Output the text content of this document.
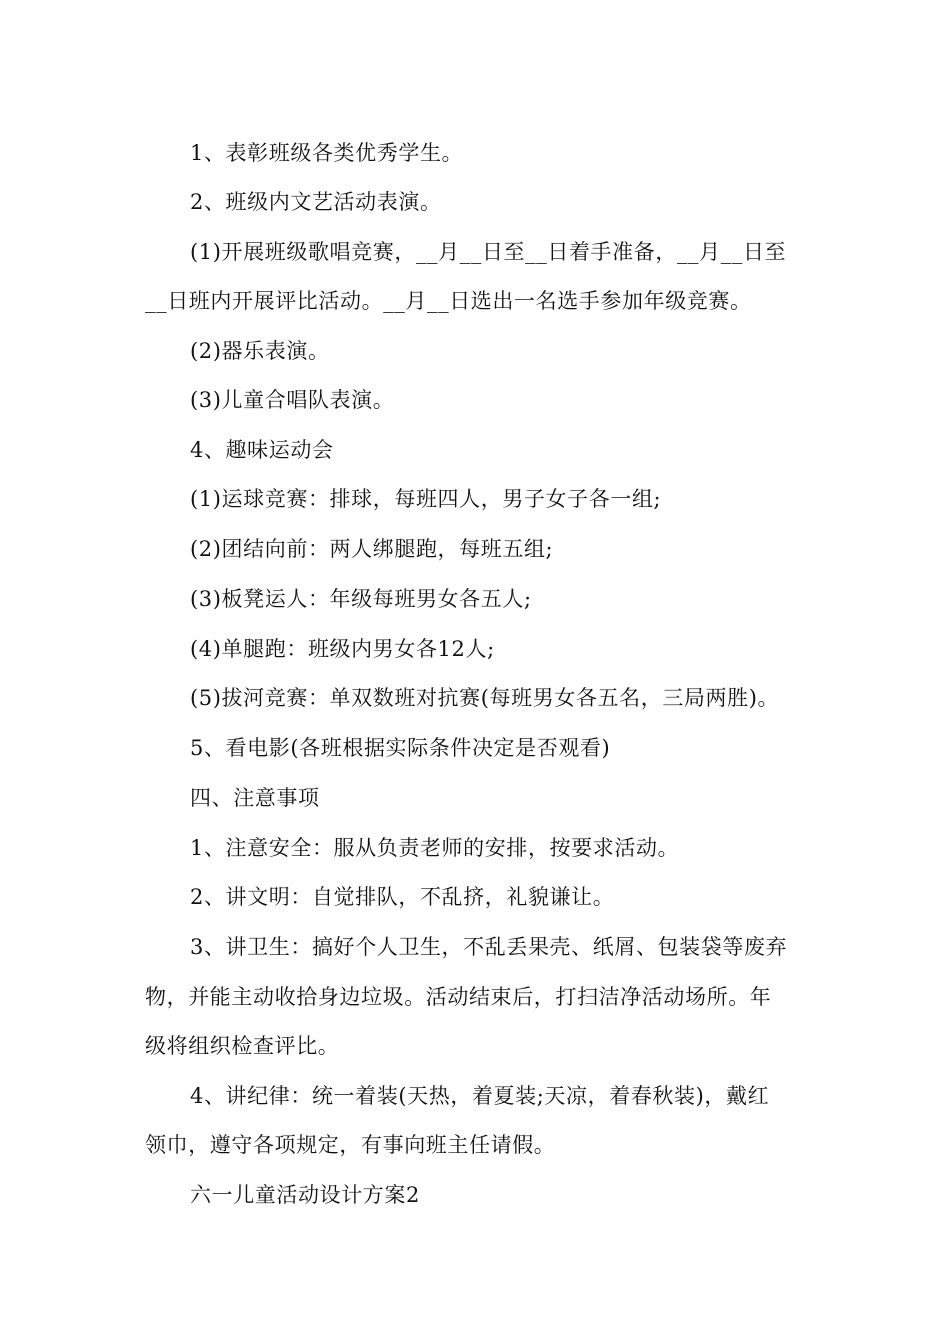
1、表彰班级各类优秀学生。
2、班级内文艺活动表演。
(1)开展班级歌唱竞赛，__月__日至__日着手准备，__月__日至
__日班内开展评比活动。__月__日选出一名选手参加年级竞赛。
(2)器乐表演。
(3)儿童合唱队表演。
4、趣味运动会
(1)运球竞赛：排球，每班四人，男子女子各一组;
(2)团结向前：两人绑腿跑，每班五组;
(3)板凳运人：年级每班男女各五人;
(4)单腿跑：班级内男女各12人;
(5)拔河竞赛：单双数班对抗赛(每班男女各五名，三局两胜)。
5、看电影(各班根据实际条件决定是否观看)
四、注意事项
1、注意安全：服从负责老师的安排，按要求活动。
2、讲文明：自觉排队，不乱挤，礼貌谦让。
3、讲卫生：搞好个人卫生，不乱丢果壳、纸屑、包装袋等废弃
物，并能主动收拾身边垃圾。活动结束后，打扫洁净活动场所。年
级将组织检查评比。
4、讲纪律：统一着装(天热，着夏装;天凉，着春秋装)，戴红
领巾，遵守各项规定，有事向班主任请假。
六一儿童活动设计方案2
